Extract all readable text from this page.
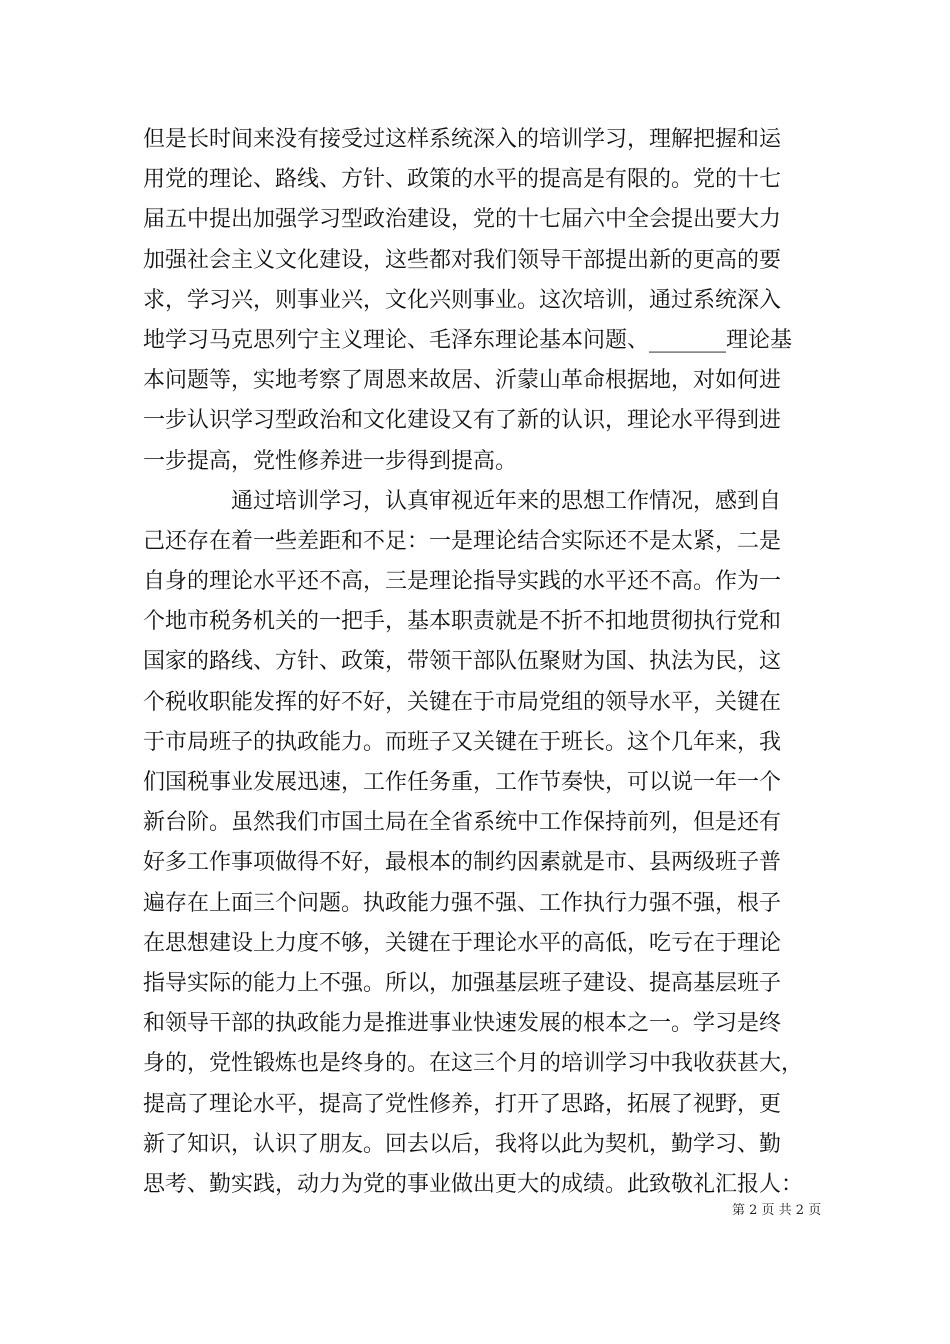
但是长时间来没有接受过这样系统深入的培训学习，理解把握和运
用党的理论、路线、方针、政策的水平的提高是有限的。党的十七
届五中提出加强学习型政治建设，党的十七届六中全会提出要大力
加强社会主义文化建设，这些都对我们领导干部提出新的更高的要
求，学习兴，则事业兴，文化兴则事业。这次培训，通过系统深入
地学习马克思列宁主义理论、毛泽东理论基本问题、_______理论基
本问题等，实地考察了周恩来故居、沂蒙山革命根据地，对如何进
一步认识学习型政治和文化建设又有了新的认识，理论水平得到进
一步提高，党性修养进一步得到提高。
　　　　通过培训学习，认真审视近年来的思想工作情况，感到自
己还存在着一些差距和不足：一是理论结合实际还不是太紧，二是
自身的理论水平还不高，三是理论指导实践的水平还不高。作为一
个地市税务机关的一把手，基本职责就是不折不扣地贯彻执行党和
国家的路线、方针、政策，带领干部队伍聚财为国、执法为民，这
个税收职能发挥的好不好，关键在于市局党组的领导水平，关键在
于市局班子的执政能力。而班子又关键在于班长。这个几年来，我
们国税事业发展迅速，工作任务重，工作节奏快，可以说一年一个
新台阶。虽然我们市国土局在全省系统中工作保持前列，但是还有
好多工作事项做得不好，最根本的制约因素就是市、县两级班子普
遍存在上面三个问题。执政能力强不强、工作执行力强不强，根子
在思想建设上力度不够，关键在于理论水平的高低，吃亏在于理论
指导实际的能力上不强。所以，加强基层班子建设、提高基层班子
和领导干部的执政能力是推进事业快速发展的根本之一。学习是终
身的，党性锻炼也是终身的。在这三个月的培训学习中我收获甚大，
提高了理论水平，提高了党性修养，打开了思路，拓展了视野，更
新了知识，认识了朋友。回去以后，我将以此为契机，勤学习、勤
思考、勤实践，动力为党的事业做出更大的成绩。此致敬礼汇报人：
第 2 页 共 2 页
